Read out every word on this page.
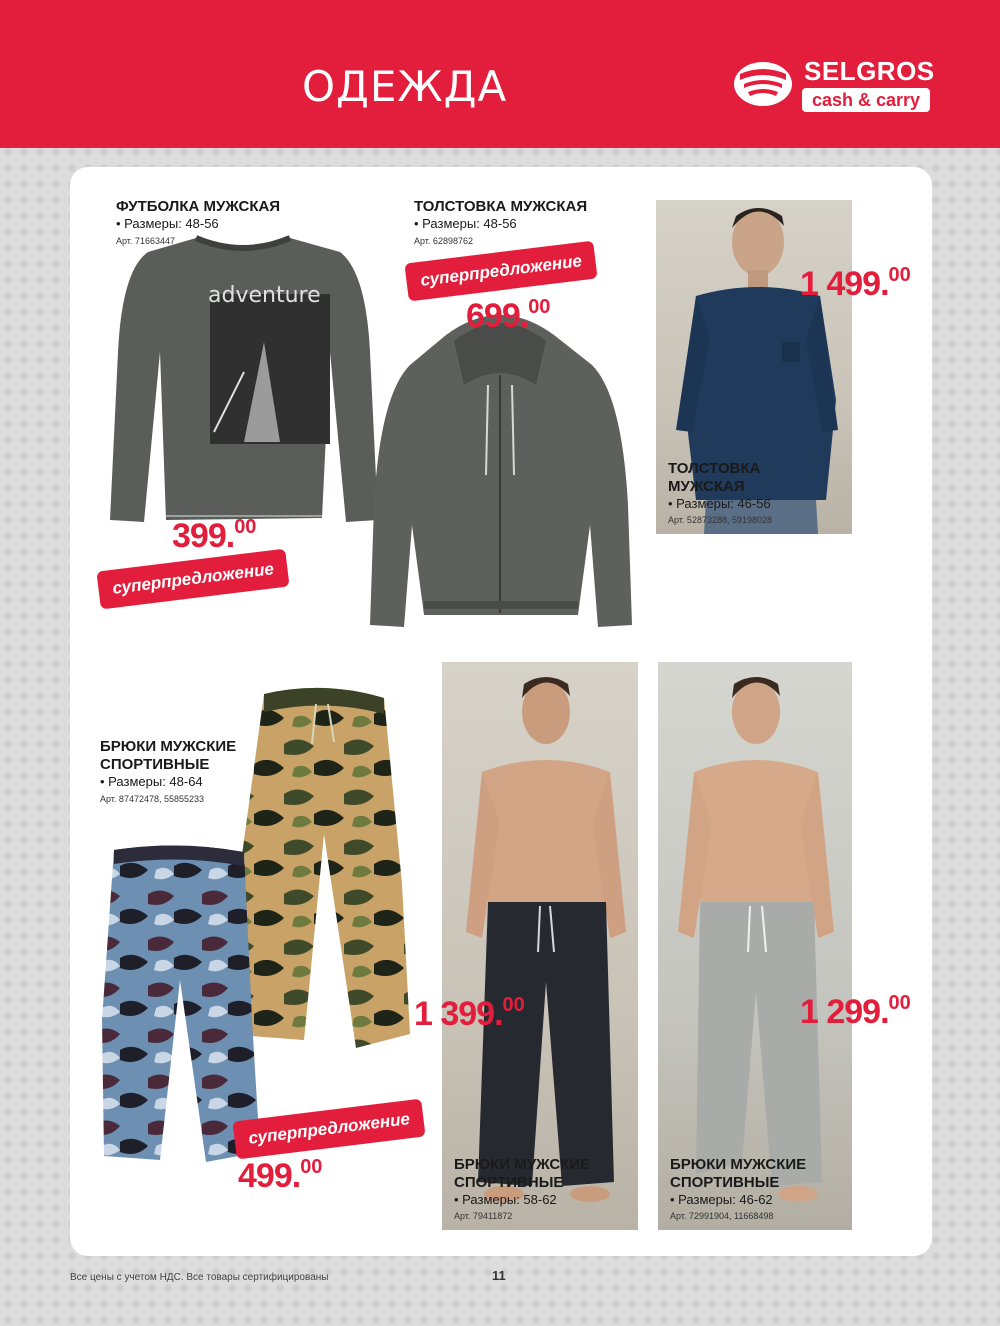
ОДЕЖДА	SELGROS
cash & carry
ФУТБОЛКА МУЖСКАЯ
• Размеры: 48-56
Арт. 71663447
adventure
399.00
суперпредложение
ТОЛСТОВКА МУЖСКАЯ
• Размеры: 48-56
Арт. 62898762
суперпредложение
699.00
ТОЛСТОВКА
МУЖСКАЯ
• Размеры: 46-56
Арт. 52873288, 59198028
1 499.00
БРЮКИ МУЖСКИЕ
СПОРТИВНЫЕ
• Размеры: 48-64
Арт. 87472478, 55855233
суперпредложение
499.00	БРЮКИ МУЖСКИЕ
СПОРТИВНЫЕ
• Размеры: 58-62
Арт. 79411872
1 399.00
БРЮКИ МУЖСКИЕ
СПОРТИВНЫЕ
• Размеры: 46-62
Арт. 72991904, 11668498
1 299.00
Все цены с учетом НДС. Все товары сертифицированы	11
